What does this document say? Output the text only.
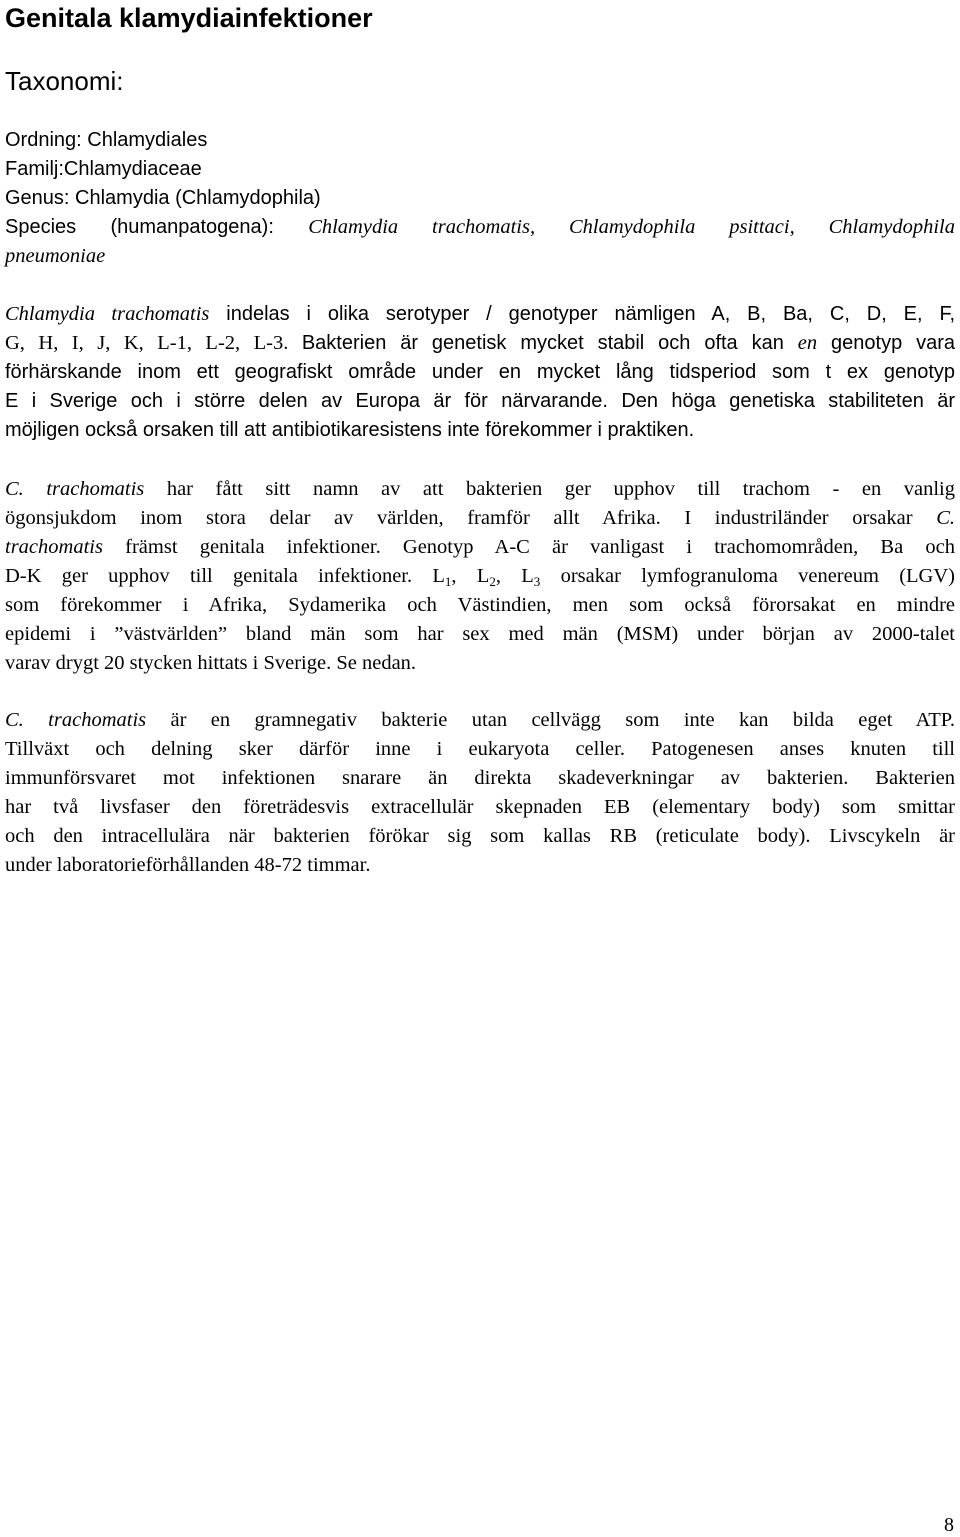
Genitala klamydiainfektioner
Taxonomi:
Ordning: Chlamydiales
Familj:Chlamydiaceae
Genus: Chlamydia (Chlamydophila)
Species (humanpatogena): Chlamydia trachomatis, Chlamydophila psittaci, Chlamydophila
pneumoniae
Chlamydia trachomatis indelas i olika serotyper / genotyper nämligen A, B, Ba, C, D, E, F,
G, H, I, J, K, L-1, L-2, L-3. Bakterien är genetisk mycket stabil och ofta kan en genotyp vara
förhärskande inom ett geografiskt område under en mycket lång tidsperiod som t ex genotyp
E i Sverige och i större delen av Europa är för närvarande. Den höga genetiska stabiliteten är
möjligen också orsaken till att antibiotikaresistens inte förekommer i praktiken.
C. trachomatis har fått sitt namn av att bakterien ger upphov till trachom - en vanlig
ögonsjukdom inom stora delar av världen, framför allt Afrika. I industriländer orsakar C.
trachomatis främst genitala infektioner. Genotyp A-C är vanligast i trachomområden, Ba och
D-K ger upphov till genitala infektioner. $L_1$, $L_2$, $L_3$ orsakar lymfogranuloma venereum (LGV)
som förekommer i Afrika, Sydamerika och Västindien, men som också förorsakat en mindre
epidemi i ”västvärlden” bland män som har sex med män (MSM) under början av 2000-talet
varav drygt 20 stycken hittats i Sverige. Se nedan.
C. trachomatis är en gramnegativ bakterie utan cellvägg som inte kan bilda eget ATP.
Tillväxt och delning sker därför inne i eukaryota celler. Patogenesen anses knuten till
immunförsvaret mot infektionen snarare än direkta skadeverkningar av bakterien. Bakterien
har två livsfaser den företrädesvis extracellulär skepnaden EB (elementary body) som smittar
och den intracellulära när bakterien förökar sig som kallas RB (reticulate body). Livscykeln är
under laboratorieförhållanden 48-72 timmar.
8
